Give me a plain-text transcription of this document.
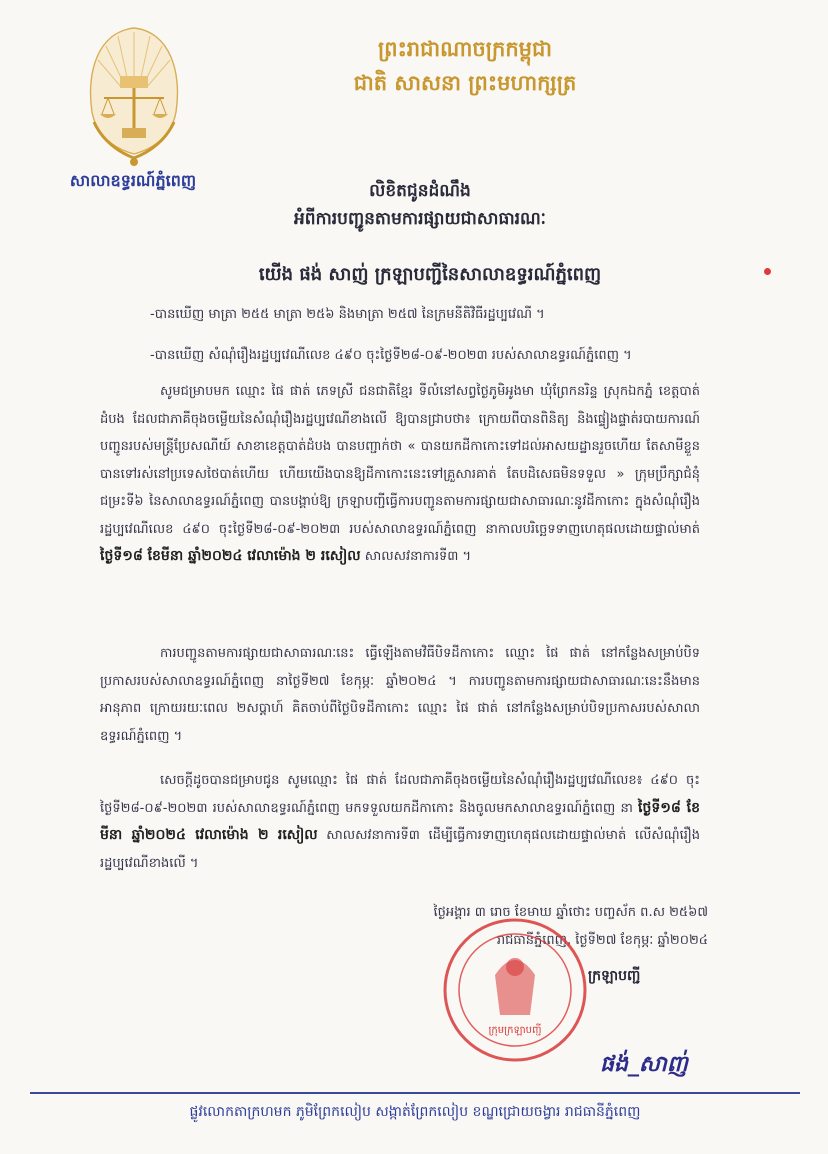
សាលាឧទ្ធរណ៍ភ្នំពេញ
ព្រះរាជាណាចក្រកម្ពុជា
ជាតិ សាសនា ព្រះមហាក្សត្រ
លិខិតជូនដំណឹង
អំពីការបញ្ជូនតាមការផ្សាយជាសាធារណៈ
យើង ផង់ សាញ់ ក្រឡាបញ្ជីនៃសាលាឧទ្ធរណ៍ភ្នំពេញ
-បានឃើញ មាត្រា ២៥៥ មាត្រា ២៥៦ និងមាត្រា ២៥៧ នៃក្រមនីតិវិធីរដ្ឋប្បវេណី ។
-បានឃើញ សំណុំរឿងរដ្ឋប្បវេណីលេខ ៤៩០ ចុះថ្ងៃទី២៨-០៩-២០២៣ របស់សាលាឧទ្ធរណ៍ភ្នំពេញ ។
សូមជម្រាបមក ឈ្មោះ ផៃ ផាត់ ភេទស្រី ជនជាតិខ្មែរ ទីលំនៅសព្វថ្ងៃភូមិអូងមា ឃុំព្រែកនរិន្ទ ស្រុកឯកភ្នំ ខេត្តបាត់ដំបង ដែលជាភាគីចុងចម្លើយនៃសំណុំរឿងរដ្ឋប្បវេណីខាងលើ ឱ្យបានជ្រាបថា៖ ក្រោយពីបានពិនិត្យ និងផ្ទៀងផ្ទាត់របាយការណ៍បញ្ជូនរបស់មន្ត្រីប្រែសណីយ៍ សាខាខេត្តបាត់ដំបង បានបញ្ជាក់ថា « បានយកដីកាកោះទៅដល់អាសយដ្ឋានរួចហើយ តែសាមីខ្លួនបានទៅរស់នៅប្រទេសថៃបាត់ហើយ ហើយយើងបានឱ្យដីកាកោះនេះទៅគ្រួសារគាត់ តែបដិសេធមិនទទួល » ក្រុមប្រឹក្សាជំនុំជម្រះទី៦ នៃសាលាឧទ្ធរណ៍ភ្នំពេញ បានបង្គាប់ឱ្យ ក្រឡាបញ្ជីធ្វើការបញ្ជូនតាមការផ្សាយជាសាធារណៈនូវដីកាកោះ ក្នុងសំណុំរឿងរដ្ឋប្បវេណីលេខ ៤៩០ ចុះថ្ងៃទី២៨-០៩-២០២៣ របស់សាលាឧទ្ធរណ៍ភ្នំពេញ នាកាលបរិច្ឆេទទាញហេតុផលដោយផ្ទាល់មាត់ ថ្ងៃទី១៨ ខែមីនា ឆ្នាំ២០២៤ វេលាម៉ោង ២ រសៀល សាលសវនាការទី៣ ។
ការបញ្ជូនតាមការផ្សាយជាសាធារណៈនេះ ធ្វើឡើងតាមវិធីបិទដីកាកោះ ឈ្មោះ ផៃ ផាត់ នៅកន្លែងសម្រាប់បិទប្រកាសរបស់សាលាឧទ្ធរណ៍ភ្នំពេញ នាថ្ងៃទី២៧ ខែកុម្ភៈ ឆ្នាំ២០២៤ ។ ការបញ្ជូនតាមការផ្សាយជាសាធារណៈនេះនឹងមានអានុភាព ក្រោយរយៈពេល ២សប្តាហ៍ គិតចាប់ពីថ្ងៃបិទដីកាកោះ ឈ្មោះ ផៃ ផាត់ នៅកន្លែងសម្រាប់បិទប្រកាសរបស់សាលាឧទ្ធរណ៍ភ្នំពេញ ។
សេចក្តីដូចបានជម្រាបជូន សូមឈ្មោះ ផៃ ផាត់ ដែលជាភាគីចុងចម្លើយនៃសំណុំរឿងរដ្ឋប្បវេណីលេខ៖ ៤៩០ ចុះថ្ងៃទី២៨-០៩-២០២៣ របស់សាលាឧទ្ធរណ៍ភ្នំពេញ មកទទួលយកដីកាកោះ និងចូលមកសាលាឧទ្ធរណ៍ភ្នំពេញ នា ថ្ងៃទី១៨ ខែមីនា ឆ្នាំ២០២៤ វេលាម៉ោង ២ រសៀល សាលសវនាការទី៣ ដើម្បីធ្វើការទាញហេតុផលដោយផ្ទាល់មាត់ លើសំណុំរឿងរដ្ឋប្បវេណីខាងលើ ។
ថ្ងៃអង្គារ ៣ រោច ខែមាឃ ឆ្នាំថោះ បញ្ចស័ក ព.ស ២៥៦៧
រាជធានីភ្នំពេញ, ថ្ងៃទី២៧ ខែកុម្ភៈ ឆ្នាំ២០២៤
ក្រុមក្រឡាបញ្ជី
ក្រឡាបញ្ជី
ផង់_សាញ់
ផ្លូវលោកតាក្រហមក ភូមិព្រែកលៀប សង្កាត់ព្រែកលៀប ខណ្ឌជ្រោយចង្វារ រាជធានីភ្នំពេញ
